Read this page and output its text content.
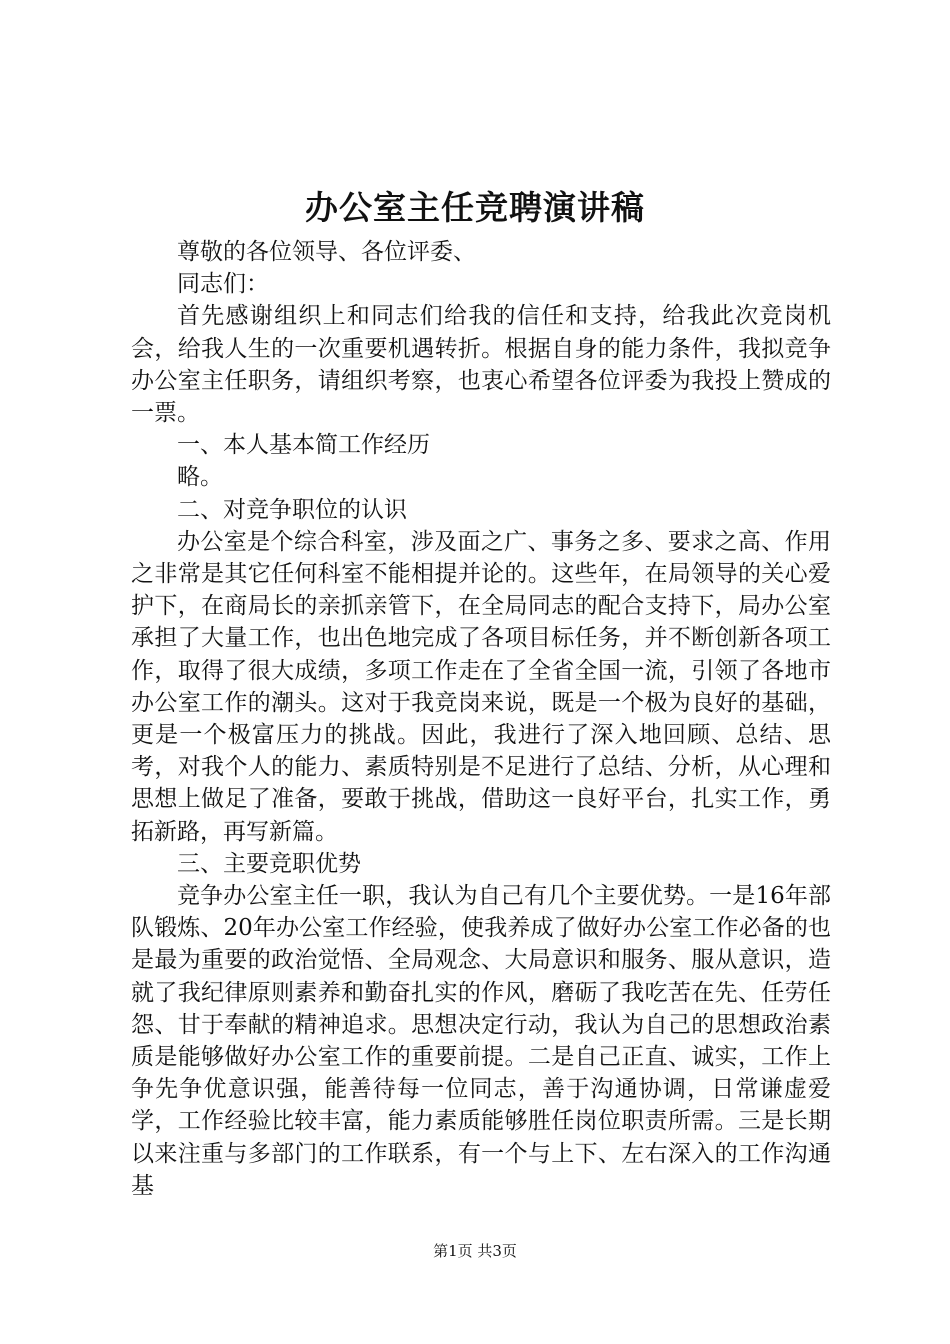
办公室主任竞聘演讲稿

尊敬的各位领导、各位评委、

同志们：

首先感谢组织上和同志们给我的信任和支持，给我此次竞岗机会，给我人生的一次重要机遇转折。根据自身的能力条件，我拟竞争办公室主任职务，请组织考察，也衷心希望各位评委为我投上赞成的一票。

一、本人基本简工作经历

略。

二、对竞争职位的认识

办公室是个综合科室，涉及面之广、事务之多、要求之高、作用之非常是其它任何科室不能相提并论的。这些年，在局领导的关心爱护下，在商局长的亲抓亲管下，在全局同志的配合支持下，局办公室承担了大量工作，也出色地完成了各项目标任务，并不断创新各项工作，取得了很大成绩，多项工作走在了全省全国一流，引领了各地市办公室工作的潮头。这对于我竞岗来说，既是一个极为良好的基础，更是一个极富压力的挑战。因此，我进行了深入地回顾、总结、思考，对我个人的能力、素质特别是不足进行了总结、分析，从心理和思想上做足了准备，要敢于挑战，借助这一良好平台，扎实工作，勇拓新路，再写新篇。

三、主要竞职优势

竞争办公室主任一职，我认为自己有几个主要优势。一是16年部队锻炼、20年办公室工作经验，使我养成了做好办公室工作必备的也是最为重要的政治觉悟、全局观念、大局意识和服务、服从意识，造就了我纪律原则素养和勤奋扎实的作风，磨砺了我吃苦在先、任劳任怨、甘于奉献的精神追求。思想决定行动，我认为自己的思想政治素质是能够做好办公室工作的重要前提。二是自己正直、诚实，工作上争先争优意识强，能善待每一位同志，善于沟通协调，日常谦虚爱学，工作经验比较丰富，能力素质能够胜任岗位职责所需。三是长期以来注重与多部门的工作联系，有一个与上下、左右深入的工作沟通基

第1页 共3页
